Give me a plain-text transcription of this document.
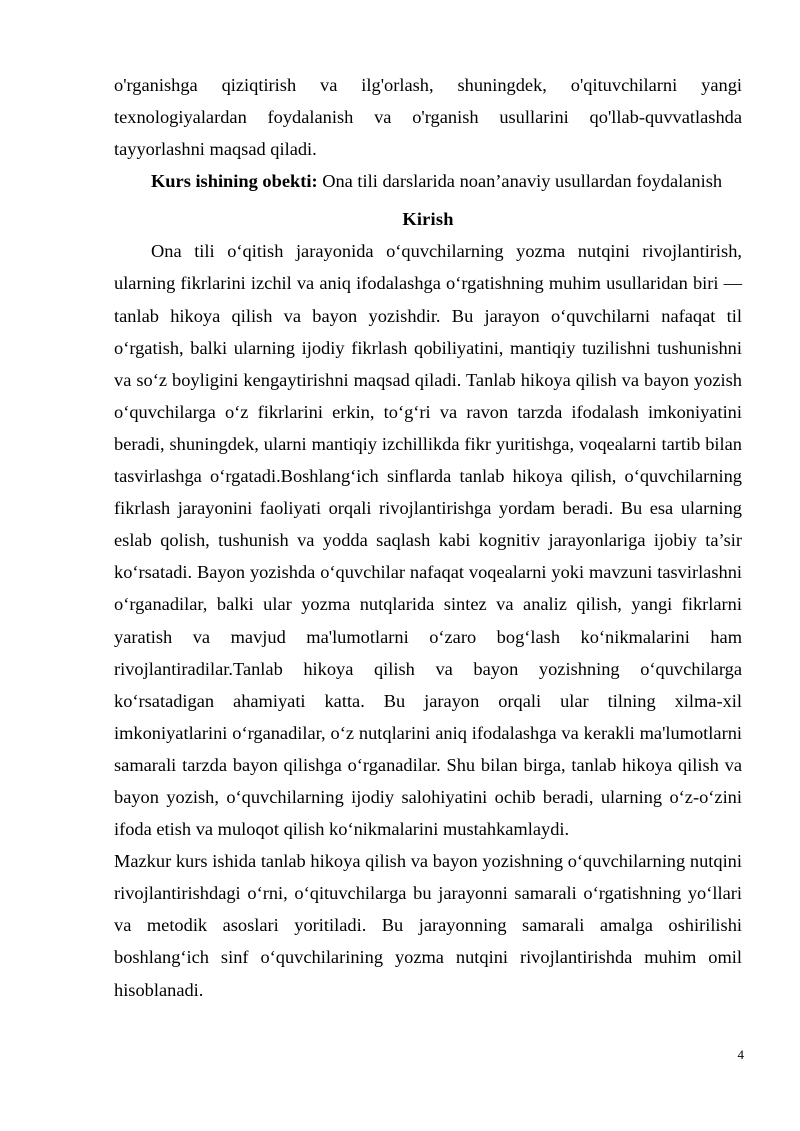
o'rganishga qiziqtirish va ilg'orlash, shuningdek, o'qituvchilarni yangi texnologiyalardan foydalanish va o'rganish usullarini qo'llab-quvvatlashda tayyorlashni maqsad qiladi.

Kurs ishining obekti: Ona tili darslarida noan’anaviy usullardan foydalanish

Kirish

Ona tili o‘qitish jarayonida o‘quvchilarning yozma nutqini rivojlantirish, ularning fikrlarini izchil va aniq ifodalashga o‘rgatishning muhim usullaridan biri — tanlab hikoya qilish va bayon yozishdir. Bu jarayon o‘quvchilarni nafaqat til o‘rgatish, balki ularning ijodiy fikrlash qobiliyatini, mantiqiy tuzilishni tushunishni va so‘z boyligini kengaytirishni maqsad qiladi. Tanlab hikoya qilish va bayon yozish o‘quvchilarga o‘z fikrlarini erkin, to‘g‘ri va ravon tarzda ifodalash imkoniyatini beradi, shuningdek, ularni mantiqiy izchillikda fikr yuritishga, voqealarni tartib bilan tasvirlashga o‘rgatadi.Boshlang‘ich sinflarda tanlab hikoya qilish, o‘quvchilarning fikrlash jarayonini faoliyati orqali rivojlantirishga yordam beradi. Bu esa ularning eslab qolish, tushunish va yodda saqlash kabi kognitiv jarayonlariga ijobiy ta’sir ko‘rsatadi. Bayon yozishda o‘quvchilar nafaqat voqealarni yoki mavzuni tasvirlashni o‘rganadilar, balki ular yozma nutqlarida sintez va analiz qilish, yangi fikrlarni yaratish va mavjud ma'lumotlarni o‘zaro bog‘lash ko‘nikmalarini ham rivojlantiradilar.Tanlab hikoya qilish va bayon yozishning o‘quvchilarga ko‘rsatadigan ahamiyati katta. Bu jarayon orqali ular tilning xilma-xil imkoniyatlarini o‘rganadilar, o‘z nutqlarini aniq ifodalashga va kerakli ma'lumotlarni samarali tarzda bayon qilishga o‘rganadilar. Shu bilan birga, tanlab hikoya qilish va bayon yozish, o‘quvchilarning ijodiy salohiyatini ochib beradi, ularning o‘z-o‘zini ifoda etish va muloqot qilish ko‘nikmalarini mustahkamlaydi.

Mazkur kurs ishida tanlab hikoya qilish va bayon yozishning o‘quvchilarning nutqini rivojlantirishdagi o‘rni, o‘qituvchilarga bu jarayonni samarali o‘rgatishning yo‘llari va metodik asoslari yoritiladi. Bu jarayonning samarali amalga oshirilishi boshlang‘ich sinf o‘quvchilarining yozma nutqini rivojlantirishda muhim omil hisoblanadi.

4
